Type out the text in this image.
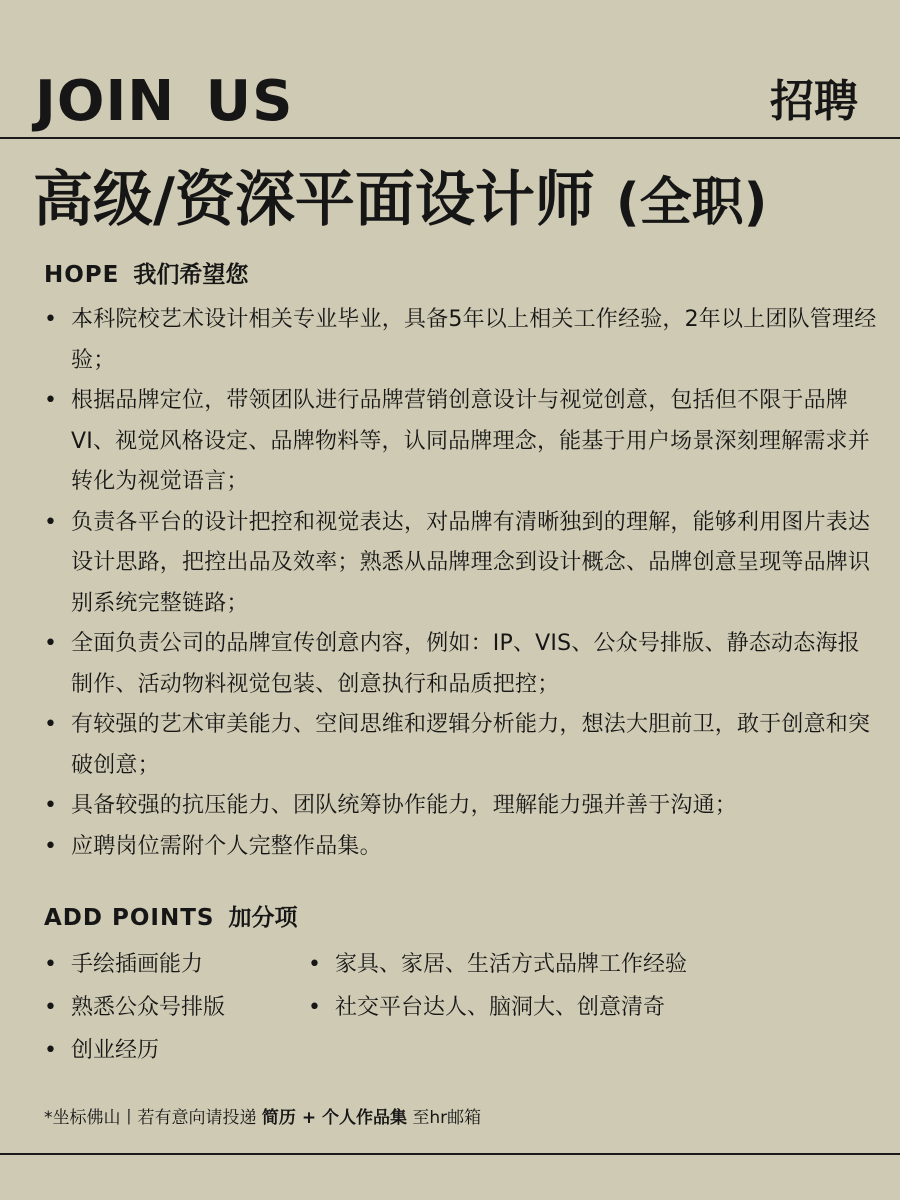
JOIN US	招聘
高级/资深平面设计师 (全职)
HOPE 我们希望您
• 本科院校艺术设计相关专业毕业，具备5年以上相关工作经验，2年以上团队管理经验；
• 根据品牌定位，带领团队进行品牌营销创意设计与视觉创意，包括但不限于品牌VI、视觉风格设定、品牌物料等，认同品牌理念，能基于用户场景深刻理解需求并转化为视觉语言；
• 负责各平台的设计把控和视觉表达，对品牌有清晰独到的理解，能够利用图片表达设计思路，把控出品及效率；熟悉从品牌理念到设计概念、品牌创意呈现等品牌识别系统完整链路；
• 全面负责公司的品牌宣传创意内容，例如：IP、VIS、公众号排版、静态动态海报制作、活动物料视觉包装、创意执行和品质把控；
• 有较强的艺术审美能力、空间思维和逻辑分析能力，想法大胆前卫，敢于创意和突破创意；
• 具备较强的抗压能力、团队统筹协作能力，理解能力强并善于沟通；
• 应聘岗位需附个人完整作品集。
ADD POINTS 加分项
• 手绘插画能力
• 熟悉公众号排版
• 创业经历
• 家具、家居、生活方式品牌工作经验
• 社交平台达人、脑洞大、创意清奇
*坐标佛山丨若有意向请投递 简历 + 个人作品集 至hr邮箱
